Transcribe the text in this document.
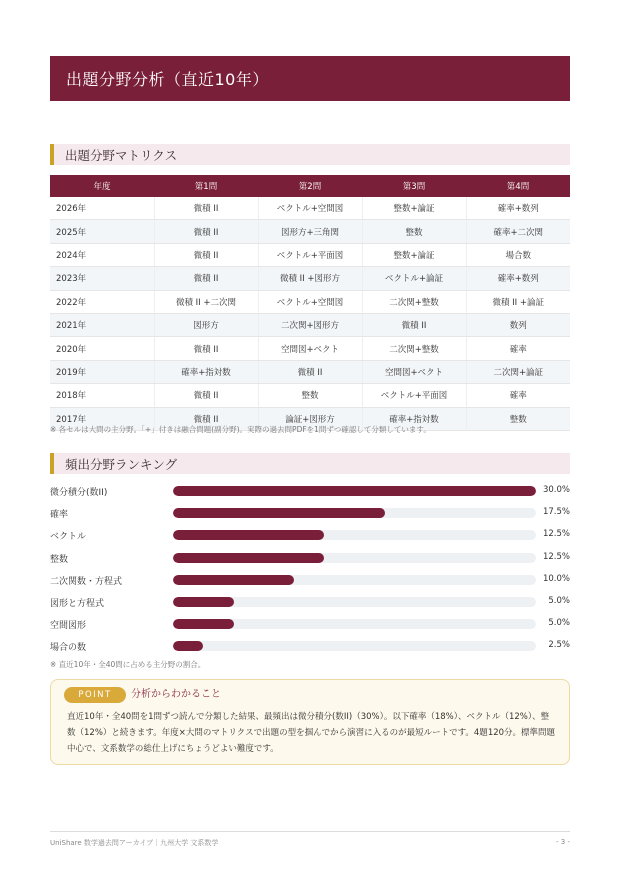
出題分野分析（直近10年）
出題分野マトリクス
年度	第1問	第2問	第3問	第4問
2026年	微積 II	ベクトル+空間図	整数+論証	確率+数列
2025年	微積 II	図形方+三角関	整数	確率+二次関
2024年	微積 II	ベクトル+平面図	整数+論証	場合数
2023年	微積 II	微積 II +図形方	ベクトル+論証	確率+数列
2022年	微積 II +二次関	ベクトル+空間図	二次関+整数	微積 II +論証
2021年	図形方	二次関+図形方	微積 II	数列
2020年	微積 II	空間図+ベクト	二次関+整数	確率
2019年	確率+指対数	微積 II	空間図+ベクト	二次関+論証
2018年	微積 II	整数	ベクトル+平面図	確率
2017年	微積 II	論証+図形方	確率+指対数	整数
※ 各セルは大問の主分野。「+」付きは融合問題(副分野)。実際の過去問PDFを1問ずつ確認して分類しています。
頻出分野ランキング
微分積分(数II)	30.0%
確率	17.5%
ベクトル	12.5%
整数	12.5%
二次関数・方程式	10.0%
図形と方程式	5.0%
空間図形	5.0%
場合の数	2.5%
※ 直近10年・全40問に占める主分野の割合。
POINT	分析からわかること
直近10年・全40問を1問ずつ読んで分類した結果、最頻出は微分積分(数II)（30%）。以下確率（18%）、ベクトル（12%）、整数（12%）と続きます。年度×大問のマトリクスで出題の型を掴んでから演習に入るのが最短ルートです。4題120分。標準問題中心で、文系数学の総仕上げにちょうどよい難度です。
UniShare 数学過去問アーカイブ｜九州大学 文系数学	- 3 -
